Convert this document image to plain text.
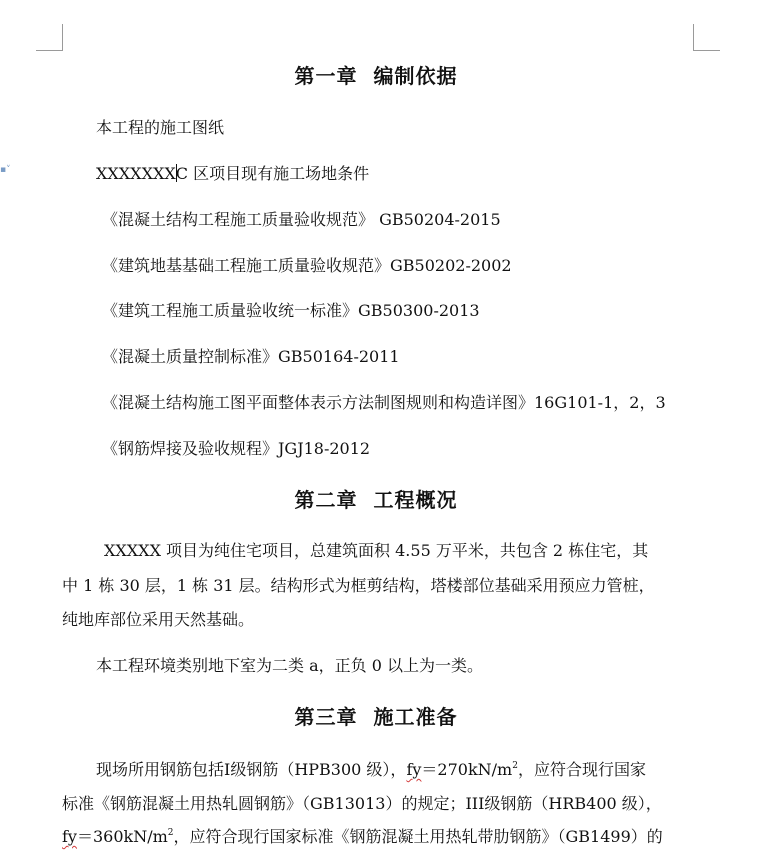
▪˅
第一章  编制依据
本工程的施工图纸
XXXXXXXC 区项目现有施工场地条件
《混凝土结构工程施工质量验收规范》 GB50204-2015
《建筑地基基础工程施工质量验收规范》GB50202-2002
《建筑工程施工质量验收统一标准》GB50300-2013
《混凝土质量控制标准》GB50164-2011
《混凝土结构施工图平面整体表示方法制图规则和构造详图》16G101-1，2，3
《钢筋焊接及验收规程》JGJ18-2012
第二章  工程概况
XXXXX 项目为纯住宅项目，总建筑面积 4.55 万平米，共包含 2 栋住宅，其
中 1 栋 30 层，1 栋 31 层。结构形式为框剪结构，塔楼部位基础采用预应力管桩，
纯地库部位采用天然基础。
本工程环境类别地下室为二类 a，正负 0 以上为一类。
第三章  施工准备
现场所用钢筋包括Ⅰ级钢筋（HPB300 级），$fy=270kN/m^2$，应符合现行国家
标准《钢筋混凝土用热轧圆钢筋》（GB13013）的规定；III级钢筋（HRB400 级），
$fy=360kN/m^2$，应符合现行国家标准《钢筋混凝土用热轧带肋钢筋》（GB1499）的
